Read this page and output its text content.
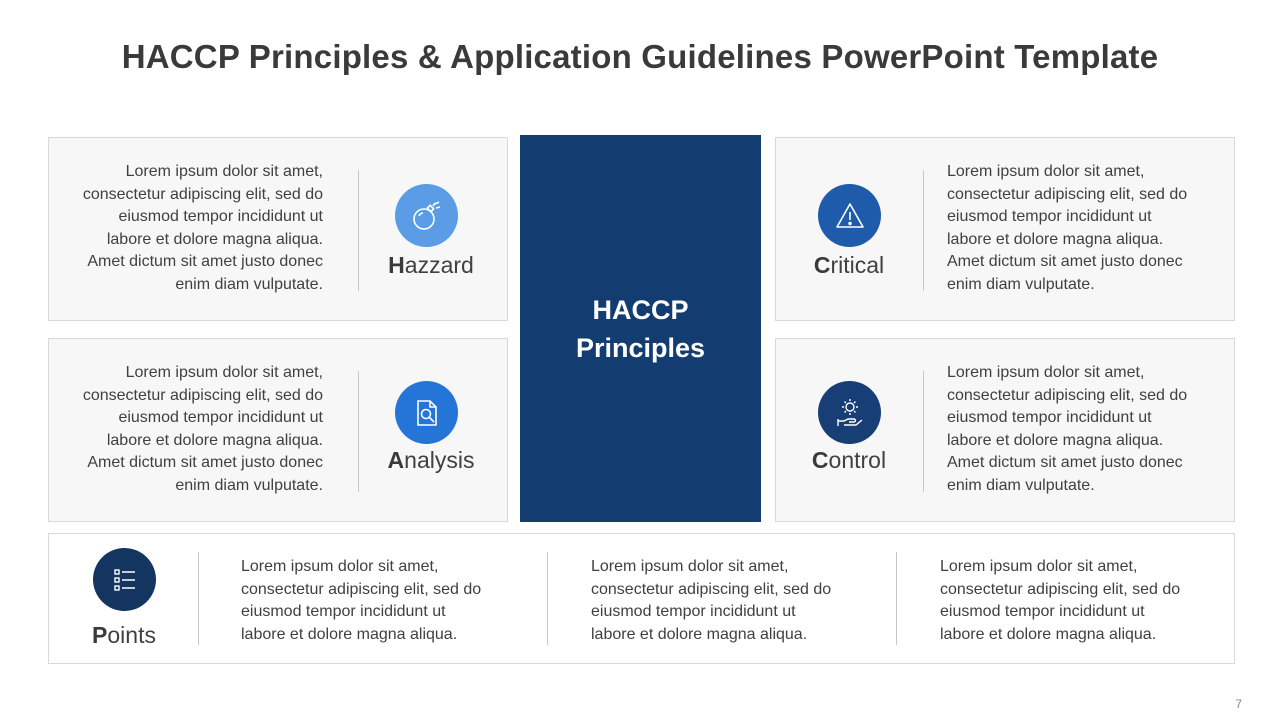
HACCP Principles & Application Guidelines PowerPoint Template
Lorem ipsum dolor sit amet,
consectetur adipiscing elit, sed do
eiusmod tempor incididunt ut
labore et dolore magna aliqua.
Amet dictum sit amet justo donec
enim diam vulputate.
Hazzard
Lorem ipsum dolor sit amet,
consectetur adipiscing elit, sed do
eiusmod tempor incididunt ut
labore et dolore magna aliqua.
Amet dictum sit amet justo donec
enim diam vulputate.
Analysis
HACCP
Principles
Critical
Lorem ipsum dolor sit amet,
consectetur adipiscing elit, sed do
eiusmod tempor incididunt ut
labore et dolore magna aliqua.
Amet dictum sit amet justo donec
enim diam vulputate.
Control
Lorem ipsum dolor sit amet,
consectetur adipiscing elit, sed do
eiusmod tempor incididunt ut
labore et dolore magna aliqua.
Amet dictum sit amet justo donec
enim diam vulputate.
Points
Lorem ipsum dolor sit amet,
consectetur adipiscing elit, sed do
eiusmod tempor incididunt ut
labore et dolore magna aliqua.
Lorem ipsum dolor sit amet,
consectetur adipiscing elit, sed do
eiusmod tempor incididunt ut
labore et dolore magna aliqua.
Lorem ipsum dolor sit amet,
consectetur adipiscing elit, sed do
eiusmod tempor incididunt ut
labore et dolore magna aliqua.
7
